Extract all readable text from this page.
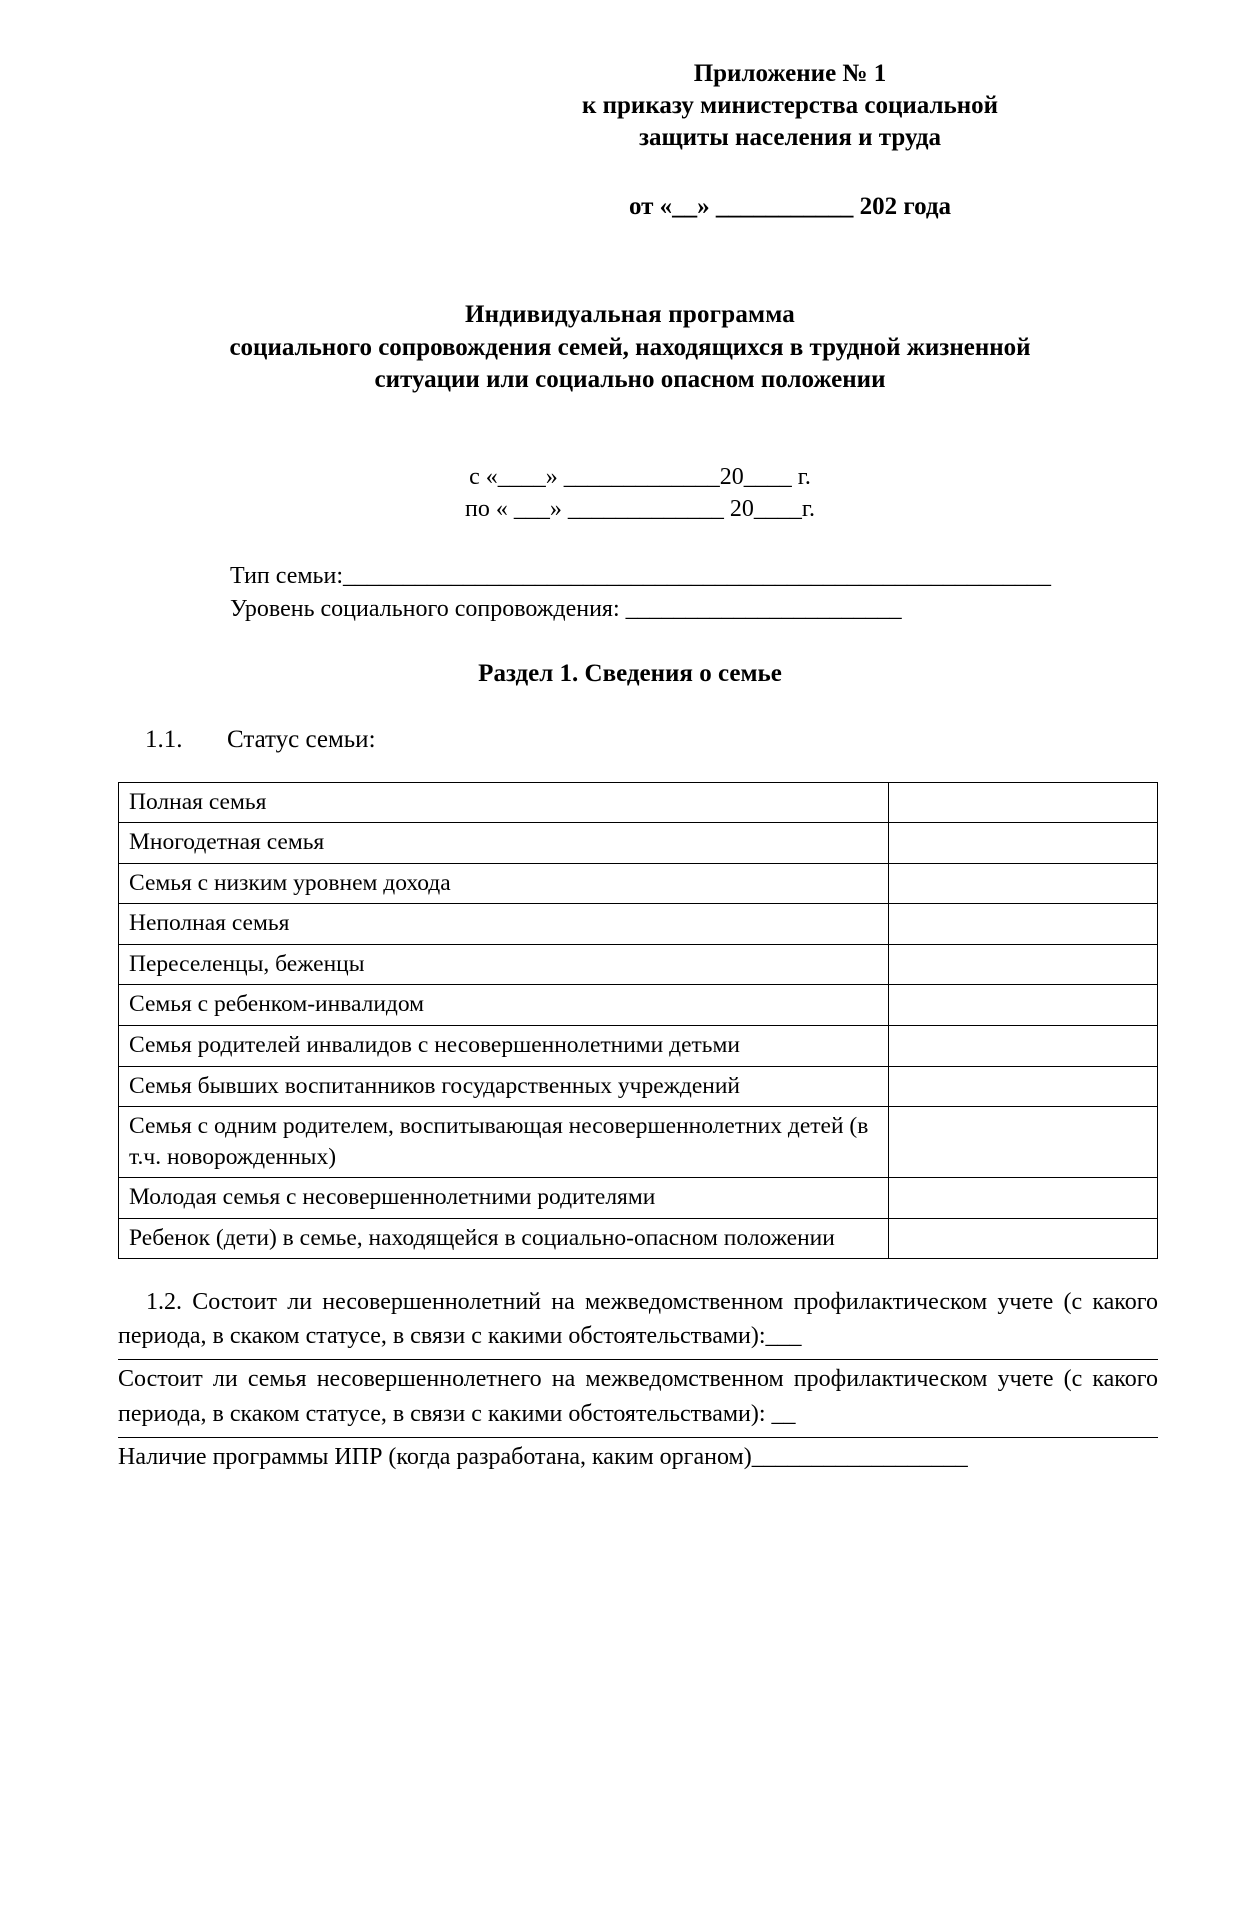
Приложение № 1
к приказу министерства социальной
защиты населения и труда
от «__» ___________ 202 года
Индивидуальная программа
социального сопровождения семей, находящихся в трудной жизненной
ситуации или социально опасном положении
с «____» _____________20____ г.
по « ___» _____________ 20____г.
Тип семьи:___________________________________________________________
Уровень социального сопровождения: _______________________
Раздел 1. Сведения о семье
1.1. Статус семьи:
Полная семья	
Многодетная семья	
Семья с низким уровнем дохода	
Неполная семья	
Переселенцы, беженцы	
Семья с ребенком-инвалидом	
Семья родителей инвалидов с несовершеннолетними детьми	
Семья бывших воспитанников государственных учреждений	
Семья с одним родителем, воспитывающая несовершеннолетних детей (в т.ч. новорожденных)	
Молодая семья с несовершеннолетними родителями	
Ребенок (дети) в семье, находящейся в социально-опасном положении	

1.2. Состоит ли несовершеннолетний на межведомственном профилактическом учете (с какого периода, в скаком статусе, в связи с какими обстоятельствами):___

Состоит ли семья несовершеннолетнего на межведомственном профилактическом учете (с какого периода, в скаком статусе, в связи с какими обстоятельствами): __

Наличие программы ИПР (когда разработана, каким органом)__________________
